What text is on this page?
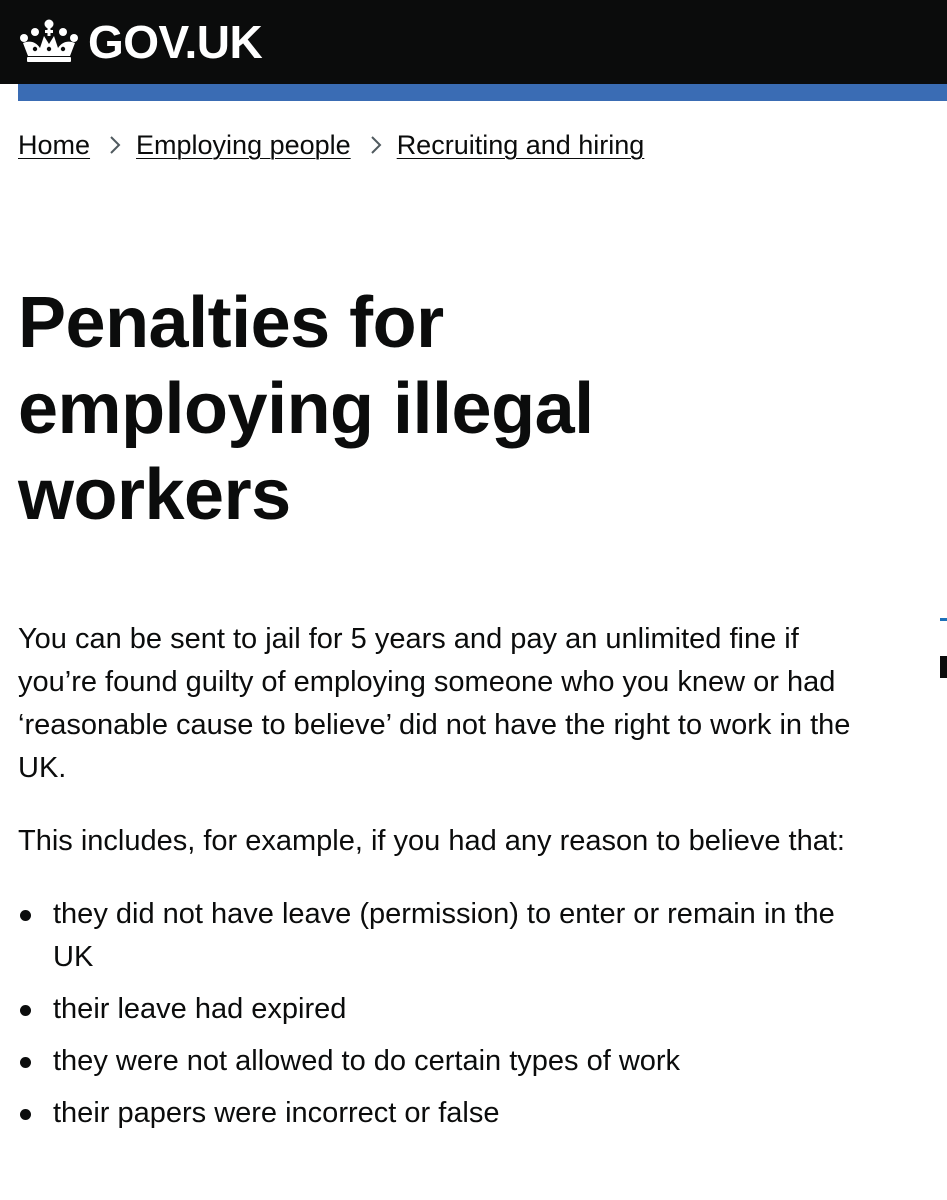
GOV.UK
Home Employing people Recruiting and hiring
Penalties for employing illegal workers

You can be sent to jail for 5 years and pay an unlimited fine if you’re found guilty of employing someone who you knew or had ‘reasonable cause to believe’ did not have the right to work in the UK.

This includes, for example, if you had any reason to believe that:

they did not have leave (permission) to enter or remain in the UK
their leave had expired
they were not allowed to do certain types of work
their papers were incorrect or false
